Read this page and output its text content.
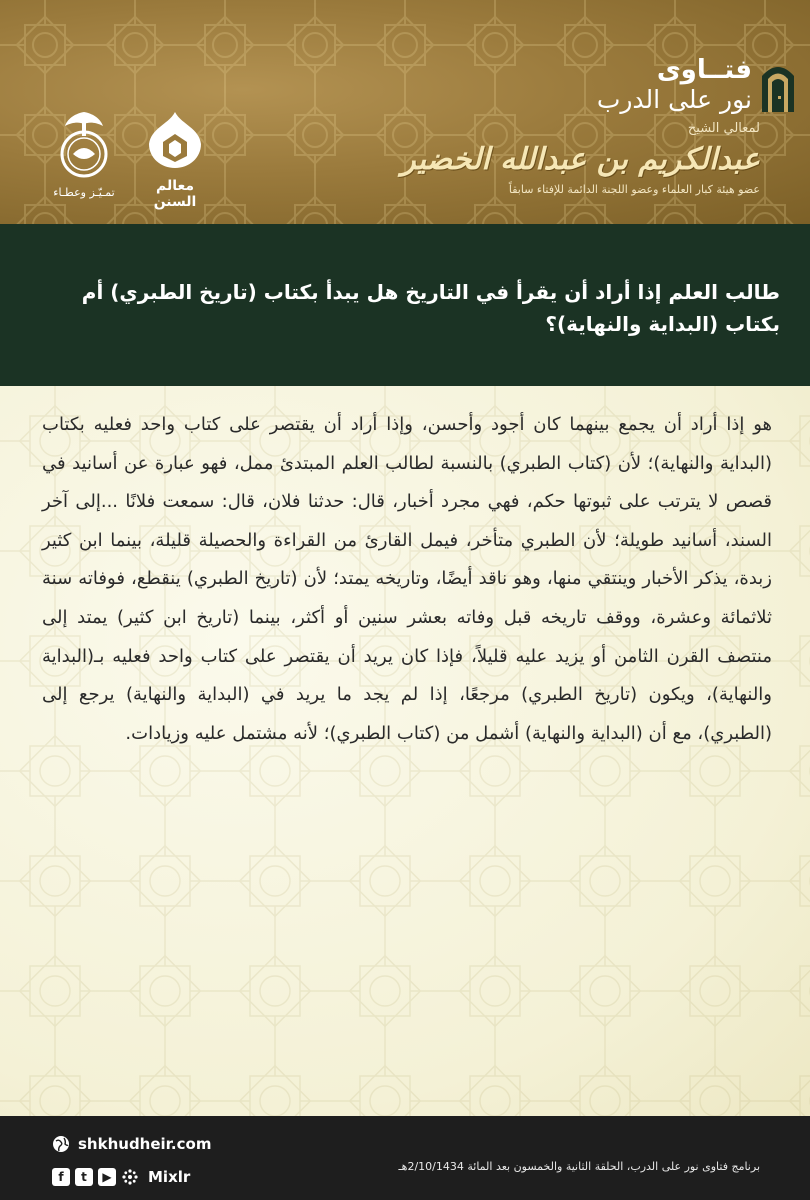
فتــاوى
نور على الدرب
لمعالي الشيخ
عبدالكريم بن عبدالله الخضير
عضو هيئة كبار العلماء وعضو اللجنة الدائمة للإفتاء سابقاً
معالم السنن
تمـيّـز وعطـاء
طالب العلم إذا أراد أن يقرأ في التاريخ هل يبدأ بكتاب (تاريخ الطبري) أم بكتاب (البداية والنهاية)؟
هو إذا أراد أن يجمع بينهما كان أجود وأحسن، وإذا أراد أن يقتصر على كتاب واحد فعليه بكتاب (البداية والنهاية)؛ لأن (كتاب الطبري) بالنسبة لطالب العلم المبتدئ ممل، فهو عبارة عن أسانيد في قصص لا يترتب على ثبوتها حكم، فهي مجرد أخبار، قال: حدثنا فلان، قال: سمعت فلانًا ...إلى آخر السند، أسانيد طويلة؛ لأن الطبري متأخر، فيمل القارئ من القراءة والحصيلة قليلة، بينما ابن كثير زبدة، يذكر الأخبار وينتقي منها، وهو ناقد أيضًا، وتاريخه يمتد؛ لأن (تاريخ الطبري) ينقطع، فوفاته سنة ثلاثمائة وعشرة، ووقف تاريخه قبل وفاته بعشر سنين أو أكثر، بينما (تاريخ ابن كثير) يمتد إلى منتصف القرن الثامن أو يزيد عليه قليلاً، فإذا كان يريد أن يقتصر على كتاب واحد فعليه بـ(البداية والنهاية)، ويكون (تاريخ الطبري) مرجعًا، إذا لم يجد ما يريد في (البداية والنهاية) يرجع إلى (الطبري)، مع أن (البداية والنهاية) أشمل من (كتاب الطبري)؛ لأنه مشتمل عليه وزيادات.
shkhudheir.com
f	t	▶ Mixlr
برنامج فتاوى نور على الدرب، الحلقة الثانية والخمسون بعد المائة 2/10/1434هـ
